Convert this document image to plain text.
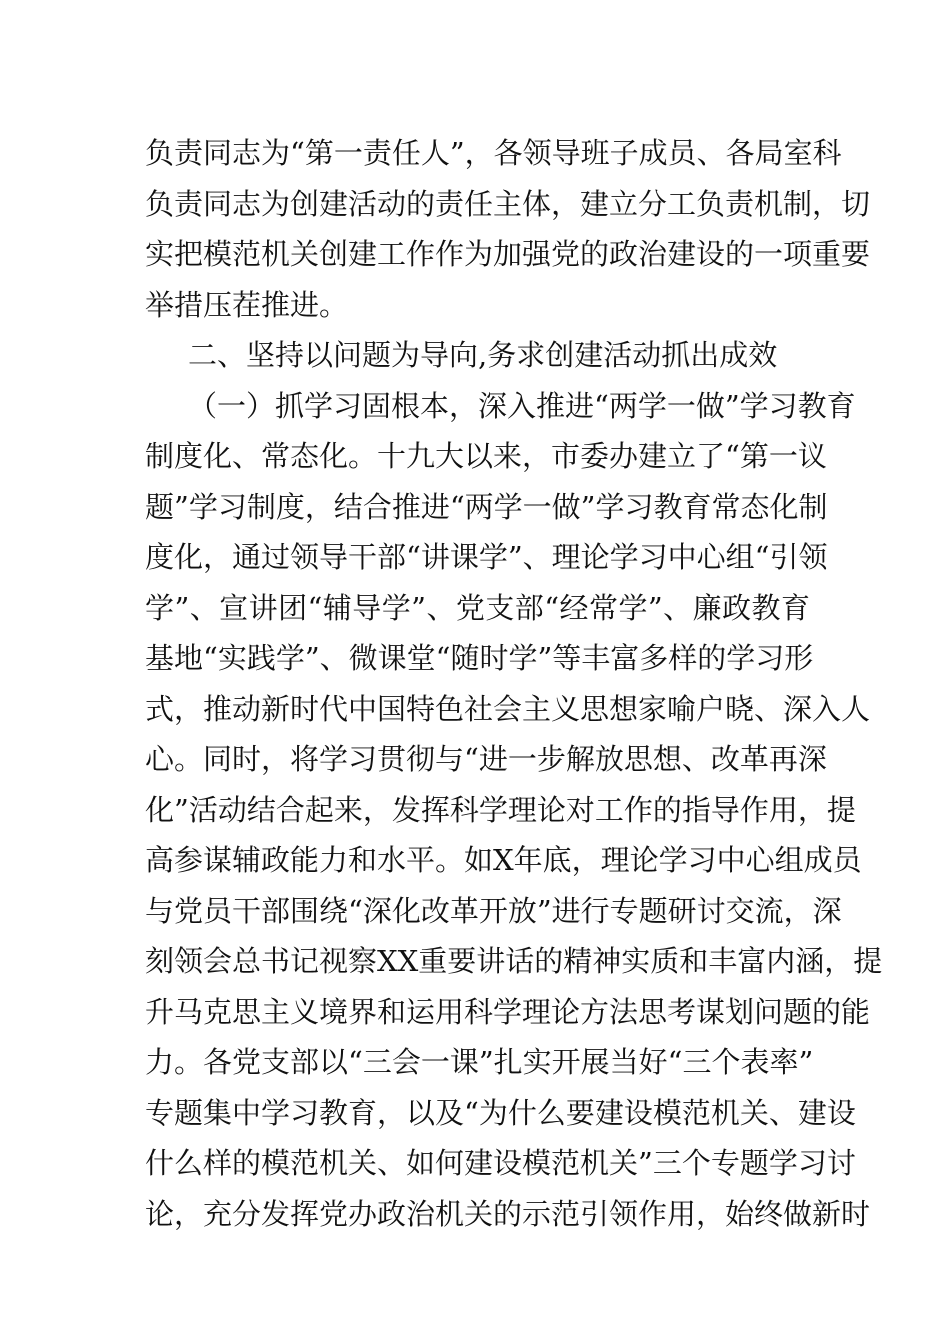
负责同志为“第一责任人”，各领导班子成员、各局室科
负责同志为创建活动的责任主体，建立分工负责机制，切
实把模范机关创建工作作为加强党的政治建设的一项重要
举措压茬推进。
二、坚持以问题为导向,务求创建活动抓出成效
（一）抓学习固根本，深入推进“两学一做”学习教育
制度化、常态化。十九大以来，市委办建立了“第一议
题”学习制度，结合推进“两学一做”学习教育常态化制
度化，通过领导干部“讲课学”、理论学习中心组“引领
学”、宣讲团“辅导学”、党支部“经常学”、廉政教育
基地“实践学”、微课堂“随时学”等丰富多样的学习形
式，推动新时代中国特色社会主义思想家喻户晓、深入人
心。同时，将学习贯彻与“进一步解放思想、改革再深
化”活动结合起来，发挥科学理论对工作的指导作用，提
高参谋辅政能力和水平。如X年底，理论学习中心组成员
与党员干部围绕“深化改革开放”进行专题研讨交流，深
刻领会总书记视察XX重要讲话的精神实质和丰富内涵，提
升马克思主义境界和运用科学理论方法思考谋划问题的能
力。各党支部以“三会一课”扎实开展当好“三个表率”
专题集中学习教育，以及“为什么要建设模范机关、建设
什么样的模范机关、如何建设模范机关”三个专题学习讨
论，充分发挥党办政治机关的示范引领作用，始终做新时
